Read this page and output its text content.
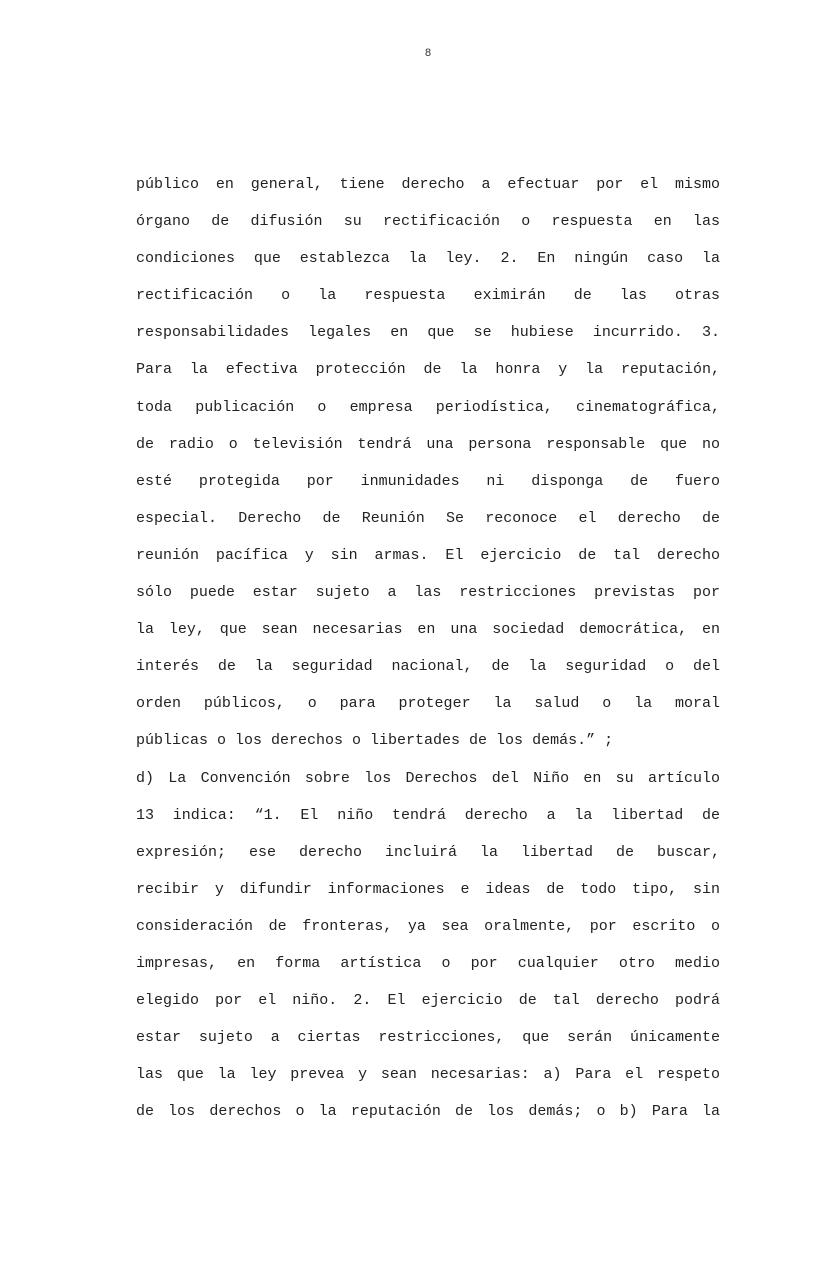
8
público en general, tiene derecho a efectuar por el mismo
órgano de difusión su rectificación o respuesta en las
condiciones que establezca la ley. 2. En ningún caso la
rectificación o la respuesta eximirán de las otras
responsabilidades legales en que se hubiese incurrido. 3.
Para la efectiva protección de la honra y la reputación,
toda publicación o empresa periodística, cinematográfica,
de radio o televisión tendrá una persona responsable que no
esté protegida por inmunidades ni disponga de fuero
especial. Derecho de Reunión Se reconoce el derecho de
reunión pacífica y sin armas. El ejercicio de tal derecho
sólo puede estar sujeto a las restricciones previstas por
la ley, que sean necesarias en una sociedad democrática, en
interés de la seguridad nacional, de la seguridad o del
orden públicos, o para proteger la salud o la moral
públicas o los derechos o libertades de los demás.” ;
d) La Convención sobre los Derechos del Niño en su artículo
13 indica: “1. El niño tendrá derecho a la libertad de
expresión; ese derecho incluirá la libertad de buscar,
recibir y difundir informaciones e ideas de todo tipo, sin
consideración de fronteras, ya sea oralmente, por escrito o
impresas, en forma artística o por cualquier otro medio
elegido por el niño. 2. El ejercicio de tal derecho podrá
estar sujeto a ciertas restricciones, que serán únicamente
las que la ley prevea y sean necesarias: a) Para el respeto
de los derechos o la reputación de los demás; o b) Para la
